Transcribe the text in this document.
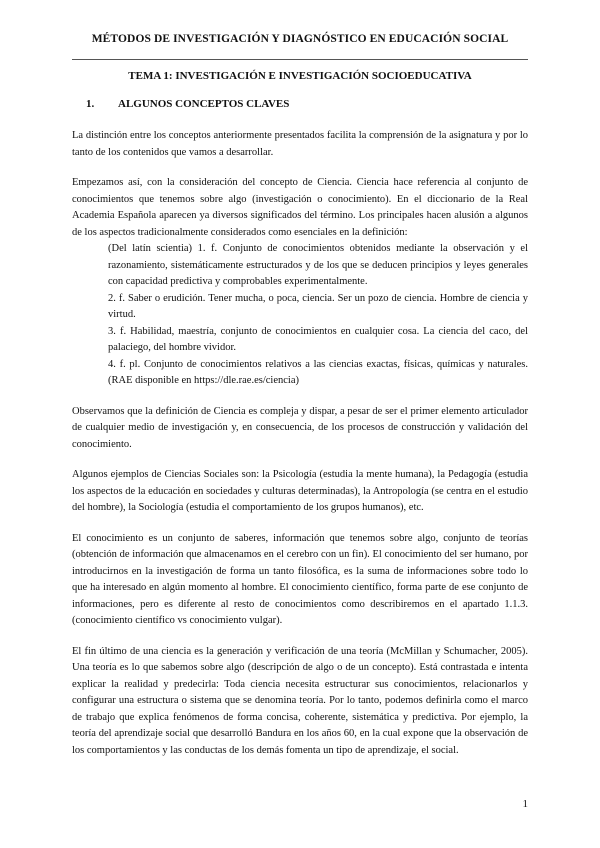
MÉTODOS DE INVESTIGACIÓN Y DIAGNÓSTICO EN EDUCACIÓN SOCIAL
TEMA 1: INVESTIGACIÓN E INVESTIGACIÓN SOCIOEDUCATIVA
1. ALGUNOS CONCEPTOS CLAVES

La distinción entre los conceptos anteriormente presentados facilita la comprensión de la asignatura y por lo tanto de los contenidos que vamos a desarrollar.

Empezamos así, con la consideración del concepto de Ciencia. Ciencia hace referencia al conjunto de conocimientos que tenemos sobre algo (investigación o conocimiento). En el diccionario de la Real Academia Española aparecen ya diversos significados del término. Los principales hacen alusión a algunos de los aspectos tradicionalmente considerados como esenciales en la definición:
(Del latín scientia) 1. f. Conjunto de conocimientos obtenidos mediante la observación y el razonamiento, sistemáticamente estructurados y de los que se deducen principios y leyes generales con capacidad predictiva y comprobables experimentalmente.
2. f. Saber o erudición. Tener mucha, o poca, ciencia. Ser un pozo de ciencia. Hombre de ciencia y virtud.
3. f. Habilidad, maestría, conjunto de conocimientos en cualquier cosa. La ciencia del caco, del palaciego, del hombre vividor.
4. f. pl. Conjunto de conocimientos relativos a las ciencias exactas, físicas, químicas y naturales. (RAE disponible en https://dle.rae.es/ciencia)

Observamos que la definición de Ciencia es compleja y dispar, a pesar de ser el primer elemento articulador de cualquier medio de investigación y, en consecuencia, de los procesos de construcción y validación del conocimiento.

Algunos ejemplos de Ciencias Sociales son: la Psicología (estudia la mente humana), la Pedagogía (estudia los aspectos de la educación en sociedades y culturas determinadas), la Antropología (se centra en el estudio del hombre), la Sociología (estudia el comportamiento de los grupos humanos), etc.

El conocimiento es un conjunto de saberes, información que tenemos sobre algo, conjunto de teorías (obtención de información que almacenamos en el cerebro con un fin). El conocimiento del ser humano, por introducirnos en la investigación de forma un tanto filosófica, es la suma de informaciones sobre todo lo que ha interesado en algún momento al hombre. El conocimiento científico, forma parte de ese conjunto de informaciones, pero es diferente al resto de conocimientos como describiremos en el apartado 1.1.3. (conocimiento científico vs conocimiento vulgar).

El fin último de una ciencia es la generación y verificación de una teoría (McMillan y Schumacher, 2005). Una teoría es lo que sabemos sobre algo (descripción de algo o de un concepto). Está contrastada e intenta explicar la realidad y predecirla: Toda ciencia necesita estructurar sus conocimientos, relacionarlos y configurar una estructura o sistema que se denomina teoría. Por lo tanto, podemos definirla como el marco de trabajo que explica fenómenos de forma concisa, coherente, sistemática y predictiva. Por ejemplo, la teoría del aprendizaje social que desarrolló Bandura en los años 60, en la cual expone que la observación de los comportamientos y las conductas de los demás fomenta un tipo de aprendizaje, el social.

1
